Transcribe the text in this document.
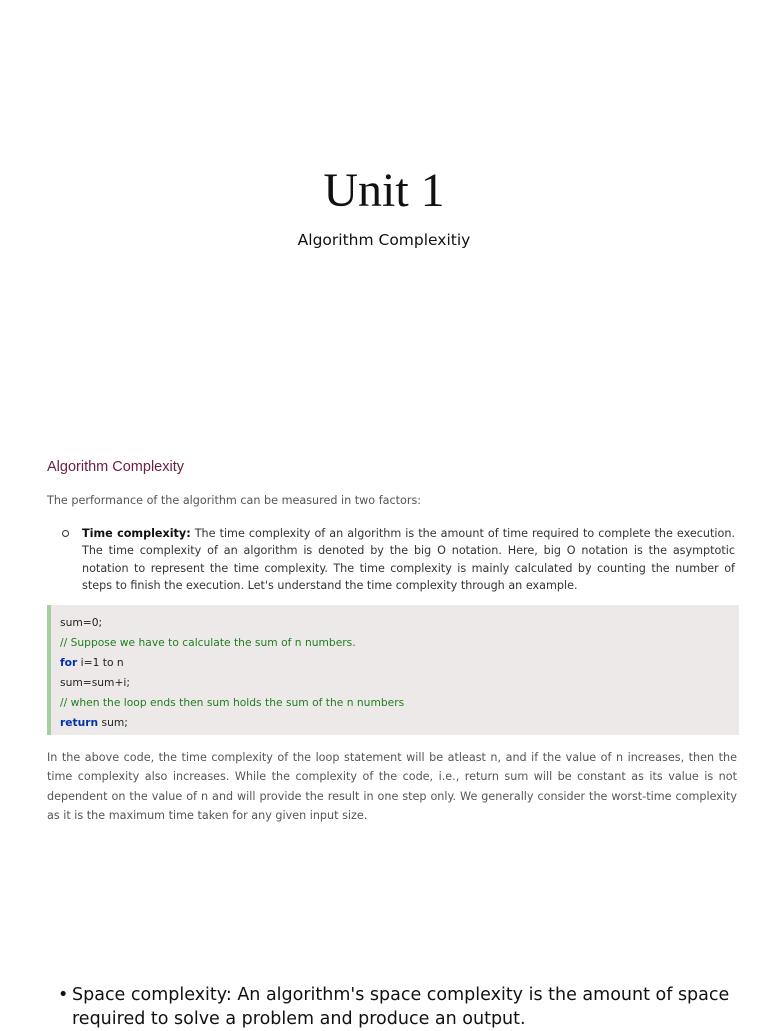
Unit 1
Algorithm Complexitiy
Algorithm Complexity
The performance of the algorithm can be measured in two factors:
Time complexity: The time complexity of an algorithm is the amount of time required to complete the execution. The time complexity of an algorithm is denoted by the big O notation. Here, big O notation is the asymptotic notation to represent the time complexity. The time complexity is mainly calculated by counting the number of steps to finish the execution. Let's understand the time complexity through an example.
sum=0;
// Suppose we have to calculate the sum of n numbers.
for i=1 to n
sum=sum+i;
// when the loop ends then sum holds the sum of the n numbers
return sum;
In the above code, the time complexity of the loop statement will be atleast n, and if the value of n increases, then the time complexity also increases. While the complexity of the code, i.e., return sum will be constant as its value is not dependent on the value of n and will provide the result in one step only. We generally consider the worst-time complexity as it is the maximum time taken for any given input size.
• Space complexity: An algorithm's space complexity is the amount of space required to solve a problem and produce an output.
